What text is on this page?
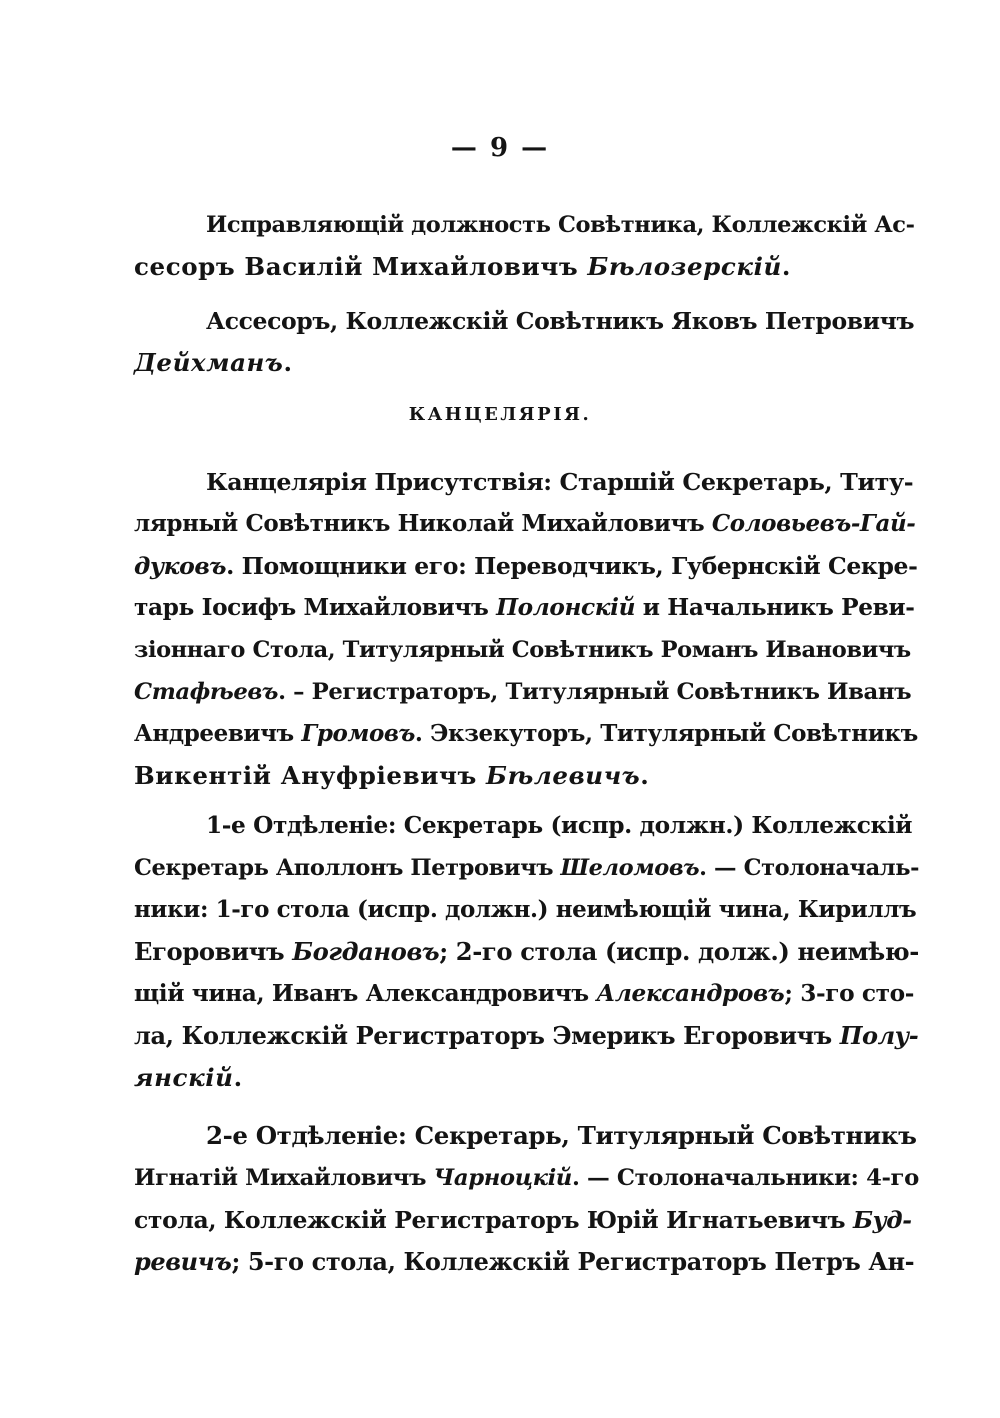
— 9 —
Исправляющій должность Совѣтника, Коллежскій Ас-
сесоръ Василій Михайловичъ Бѣлозерскій.
Ассесоръ, Коллежскій Совѣтникъ Яковъ Петровичъ
Дейхманъ.
КАНЦЕЛЯРІЯ.
Канцелярія Присутствія: Старшій Секретарь, Титу-
лярный Совѣтникъ Николай Михайловичъ Соловьевъ-Гай-
дуковъ. Помощники его: Переводчикъ, Губернскій Секре-
тарь Іосифъ Михайловичъ Полонскій и Начальникъ Реви-
зіоннаго Стола, Титулярный Совѣтникъ Романъ Ивановичъ
Стафѣевъ. – Регистраторъ, Титулярный Совѣтникъ Иванъ
Андреевичъ Громовъ. Экзекуторъ, Титулярный Совѣтникъ
Викентій Ануфріевичъ Бѣлевичъ.
1-е Отдѣленіе: Секретарь (испр. должн.) Коллежскій
Секретарь Аполлонъ Петровичъ Шеломовъ. — Столоначаль-
ники: 1-го стола (испр. должн.) неимѣющій чина, Кириллъ
Егоровичъ Богдановъ; 2-го стола (испр. долж.) неимѣю-
щій чина, Иванъ Александровичъ Александровъ; 3-го сто-
ла, Коллежскій Регистраторъ Эмерикъ Егоровичъ Полу-
янскій.
2-е Отдѣленіе: Секретарь, Титулярный Совѣтникъ
Игнатій Михайловичъ Чарноцкій. — Столоначальники: 4-го
стола, Коллежскій Регистраторъ Юрій Игнатьевичъ Буд-
ревичъ; 5-го стола, Коллежскій Регистраторъ Петръ Ан-
